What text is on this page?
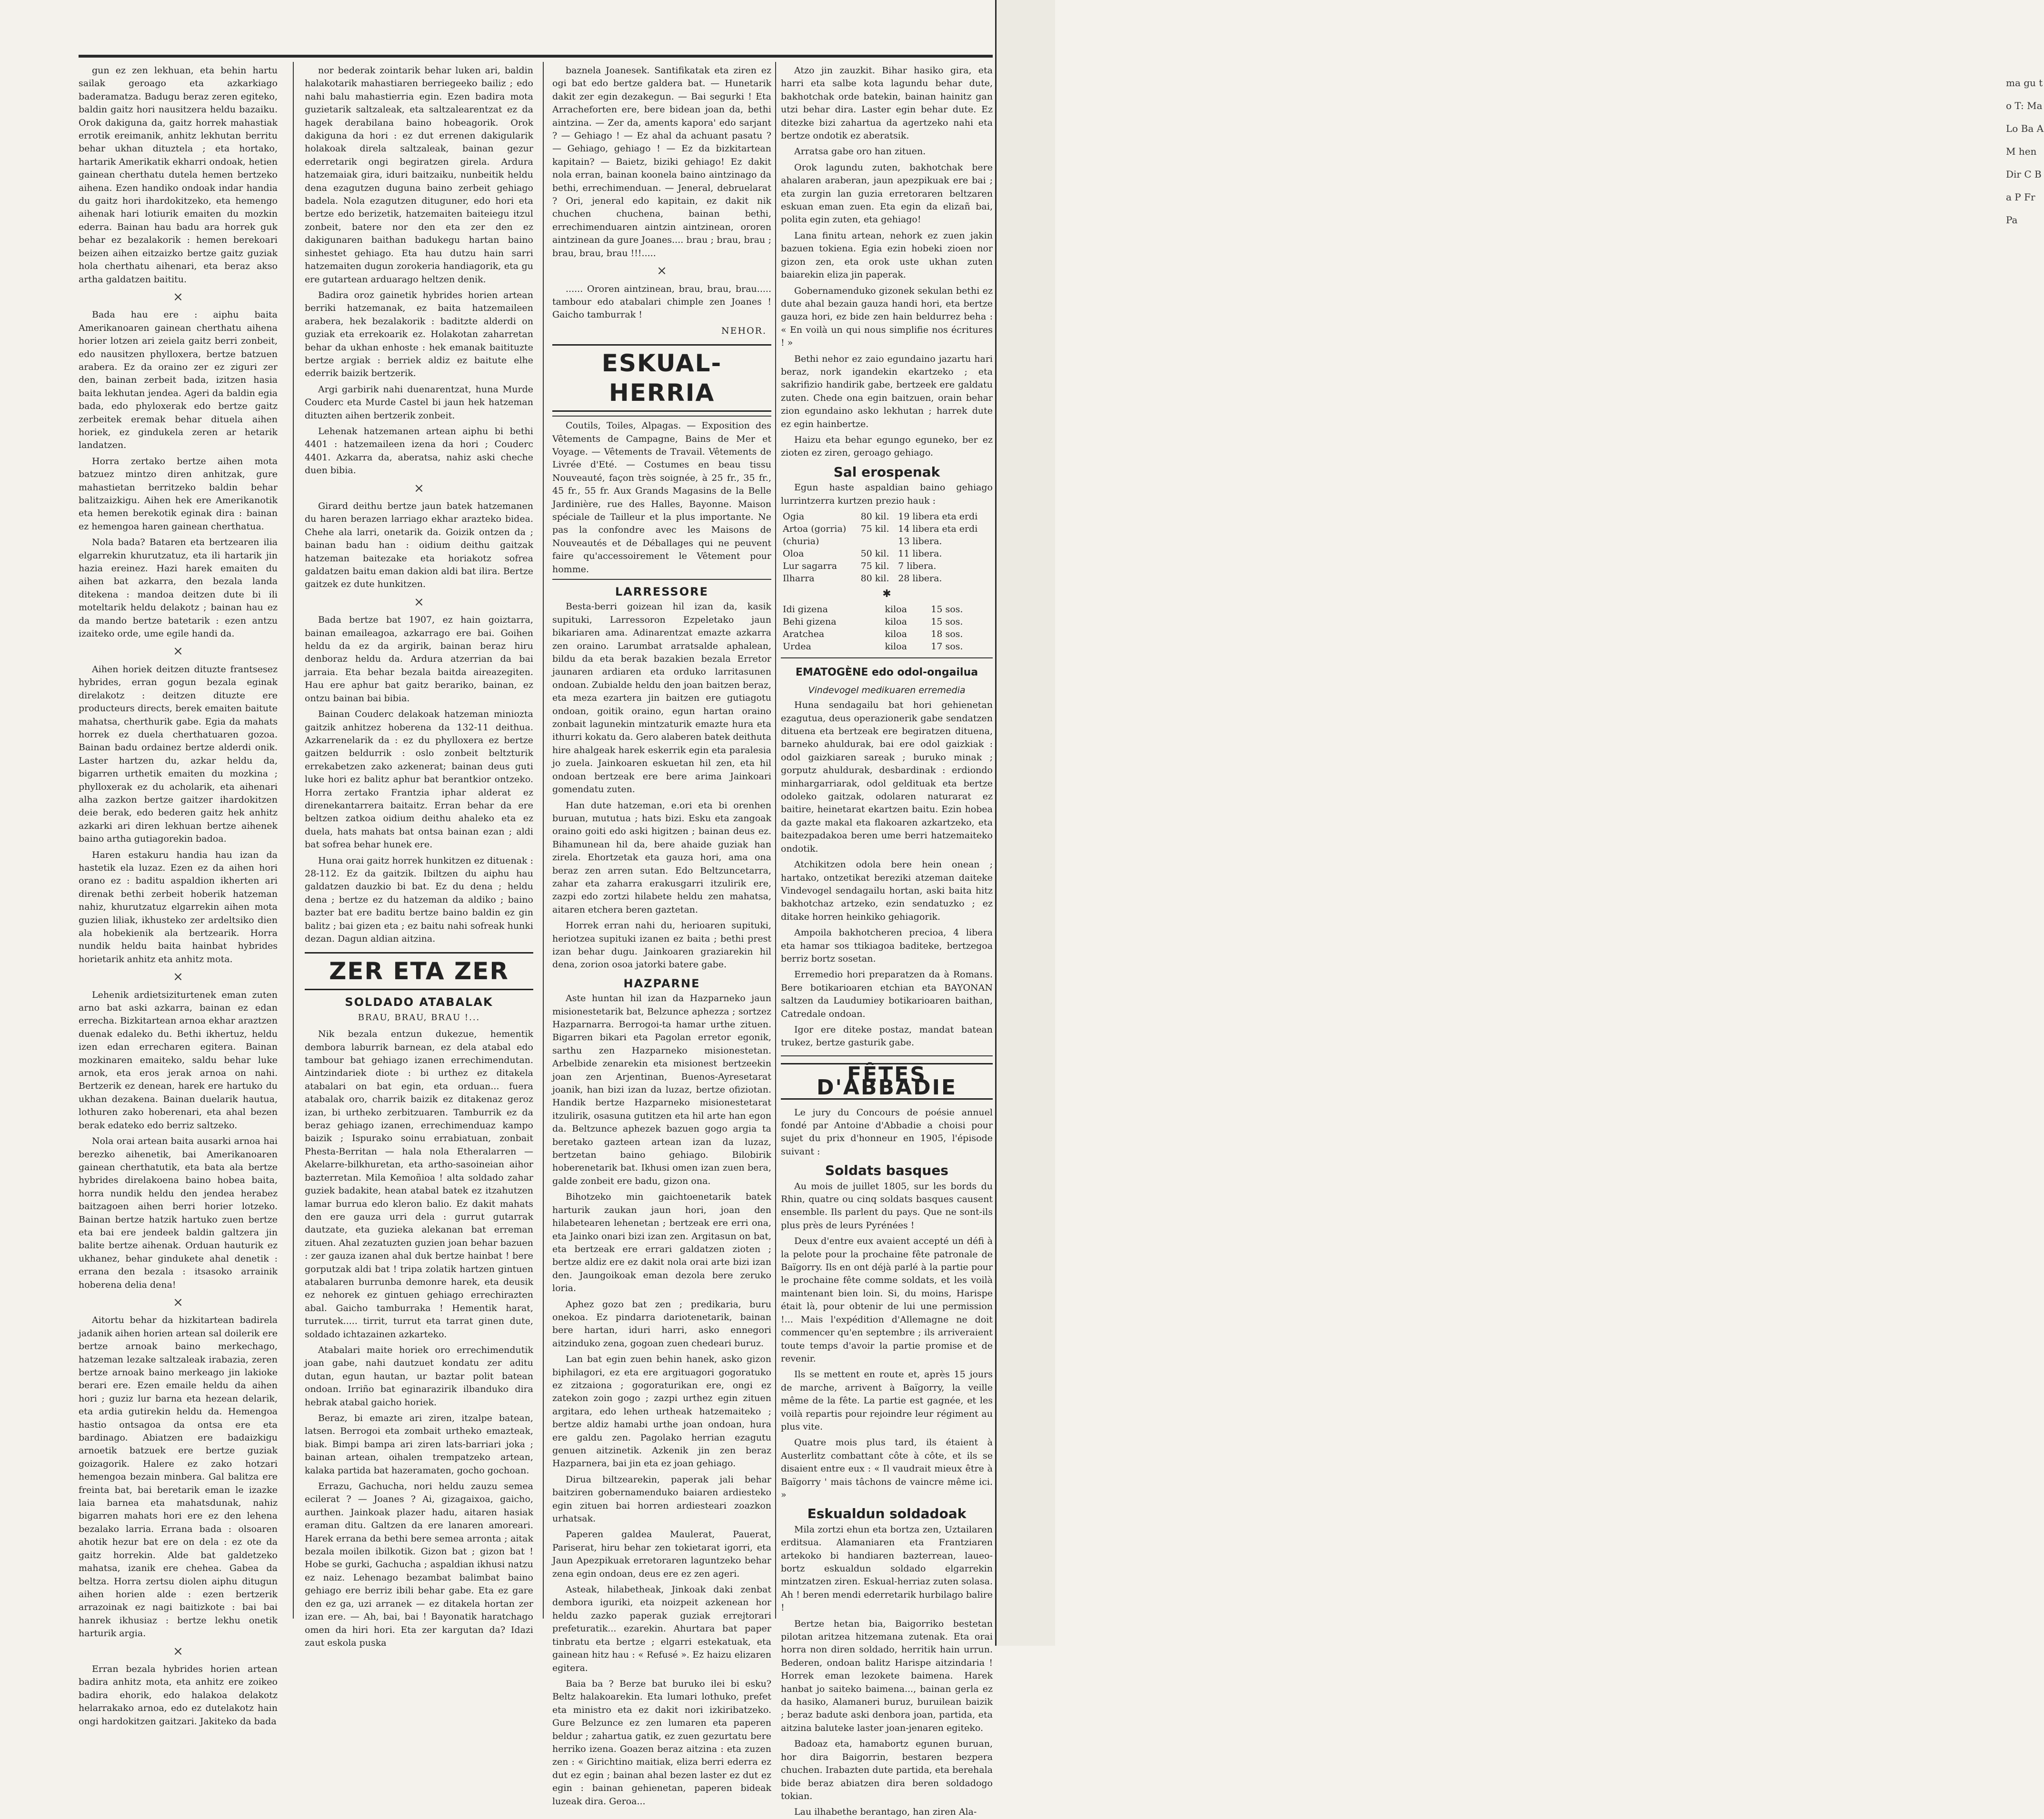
gun ez zen lekhuan, eta behin hartu sailak geroago eta azkarkiago baderamatza. Badugu beraz zeren egiteko, baldin gaitz hori nausitzera heldu bazaiku. Orok dakiguna da, gaitz horrek mahastiak errotik ereimanik, anhitz lekhutan berritu behar ukhan dituztela ; eta hortako, hartarik Amerikatik ekharri ondoak, hetien gainean cherthatu dutela hemen bertzeko aihena. Ezen handiko ondoak indar handia du gaitz hori ihardokitzeko, eta hemengo aihenak hari lotiurik emaiten du mozkin ederra. Bainan hau badu ara horrek guk behar ez bezalakorik : hemen berekoari beizen aihen eitzaizko bertze gaitz guziak hola cherthatu aihenari, eta beraz akso artha galdatzen baititu.

×

Bada hau ere : aiphu baita Amerikanoaren gainean cherthatu aihena horier lotzen ari zeiela gaitz berri zonbeit, edo nausitzen phylloxera, bertze batzuen arabera. Ez da oraino zer ez ziguri zer den, bainan zerbeit bada, izitzen hasia baita lekhutan jendea. Ageri da baldin egia bada, edo phyloxerak edo bertze gaitz zerbeitek eremak behar dituela aihen horiek, ez gindukela zeren ar hetarik landatzen.

Horra zertako bertze aihen mota batzuez mintzo diren anhitzak, gure mahastietan berritzeko baldin behar balitzaizkigu. Aihen hek ere Amerikanotik eta hemen berekotik eginak dira : bainan ez hemengoa haren gainean cherthatua.

Nola bada? Bataren eta bertzearen ilia elgarrekin khurutzatuz, eta ili hartarik jin hazia ereinez. Hazi harek emaiten du aihen bat azkarra, den bezala landa ditekena : mandoa deitzen dute bi ili moteltarik heldu delakotz ; bainan hau ez da mando bertze batetarik : ezen antzu izaiteko orde, ume egile handi da.

×

Aihen horiek deitzen dituzte frantsesez hybrides, erran gogun bezala eginak direlakotz : deitzen dituzte ere producteurs directs, berek emaiten baitute mahatsa, cherthurik gabe. Egia da mahats horrek ez duela cherthatuaren gozoa. Bainan badu ordainez bertze alderdi onik. Laster hartzen du, azkar heldu da, bigarren urthetik emaiten du mozkina ; phylloxerak ez du acholarik, eta aihenari alha zazkon bertze gaitzer ihardokitzen deie berak, edo bederen gaitz hek anhitz azkarki ari diren lekhuan bertze aihenek baino artha gutiagorekin badoa.

Haren estakuru handia hau izan da hastetik ela luzaz. Ezen ez da aihen hori orano ez : baditu aspaldion ikherten ari direnak bethi zerbeit hoberik hatzeman nahiz, khurutzatuz elgarrekin aihen mota guzien liliak, ikhusteko zer ardeltsiko dien ala hobekienik ala bertzearik. Horra nundik heldu baita hainbat hybrides horietarik anhitz eta anhitz mota.

×

Lehenik ardietsiziturtenek eman zuten arno bat aski azkarra, bainan ez edan errecha. Bizkitartean arnoa ekhar araztzen duenak edaleko du. Bethi ikhertuz, heldu izen edan errecharen egitera. Bainan mozkinaren emaiteko, saldu behar luke arnok, eta eros jerak arnoa on nahi. Bertzerik ez denean, harek ere hartuko du ukhan dezakena. Bainan duelarik hautua, lothuren zako hoberenari, eta ahal bezen berak edateko edo berriz saltzeko.

Nola orai artean baita ausarki arnoa hai berezko aihenetik, bai Amerikanoaren gainean cherthatutik, eta bata ala bertze hybrides direlakoena baino hobea baita, horra nundik heldu den jendea herabez baitzagoen aihen berri horier lotzeko. Bainan bertze hatzik hartuko zuen bertze eta bai ere jendeek baldin galtzera jin balite bertze aihenak. Orduan hauturik ez ukhanez, behar gindukete ahal denetik : errana den bezala : itsasoko arrainik hoberena delia dena!

×

Aitortu behar da hizkitartean badirela jadanik aihen horien artean sal doilerik ere bertze arnoak baino merkechago, hatzeman lezake saltzaleak irabazia, zeren bertze arnoak baino merkeago jin lakioke berari ere. Ezen emaile heldu da aihen hori ; guziz lur barna eta hezean delarik, eta ardia gutirekin heldu da. Hemengoa hastio ontsagoa da ontsa ere eta bardinago. Abiatzen ere badaizkigu arnoetik batzuek ere bertze guziak goizagorik. Halere ez zako hotzari hemengoa bezain minbera. Gal balitza ere freinta bat, bai beretarik eman le izazke laia barnea eta mahatsdunak, nahiz bigarren mahats hori ere ez den lehena bezalako larria. Errana bada : olsoaren ahotik hezur bat ere on dela : ez ote da gaitz horrekin. Alde bat galdetzeko mahatsa, izanik ere chehea. Gabea da beltza. Horra zertsu diolen aiphu ditugun aihen horien alde : ezen bertzerik arrazoinak ez nagi baitizkote : bai bai hanrek ikhusiaz : bertze lekhu onetik harturik argia.

×

Erran bezala hybrides horien artean badira anhitz mota, eta anhitz ere zoikeo badira ehorik, edo halakoa delakotz helarrakako arnoa, edo ez dutelakotz hain ongi hardokitzen gaitzari. Jakiteko da bada

nor bederak zointarik behar luken ari, baldin halakotarik mahastiaren berriegeeko bailiz ; edo nahi balu mahastierria egin. Ezen badira mota guzietarik saltzaleak, eta saltzalearentzat ez da hagek derabilana baino hobeagorik. Orok dakiguna da hori : ez dut errenen dakigularik holakoak direla saltzaleak, bainan gezur ederretarik ongi begiratzen girela. Ardura hatzemaiak gira, iduri baitzaiku, nunbeitik heldu dena ezagutzen duguna baino zerbeit gehiago badela. Nola ezagutzen dituguner, edo hori eta bertze edo berizetik, hatzemaiten baiteiegu itzul zonbeit, batere nor den eta zer den ez dakigunaren baithan badukegu hartan baino sinhestet gehiago. Eta hau dutzu hain sarri hatzemaiten dugun zorokeria handiagorik, eta gu ere gutartean arduarago heltzen denik.

Badira oroz gainetik hybrides horien artean berriki hatzemanak, ez baita hatzemaileen arabera, hek bezalakorik : baditzte alderdi on guziak eta errekoarik ez. Holakotan zaharretan behar da ukhan enhoste : hek emanak baitituzte bertze argiak : berriek aldiz ez baitute elhe ederrik baizik bertzerik.

Argi garbirik nahi duenarentzat, huna Murde Couderc eta Murde Castel bi jaun hek hatzeman dituzten aihen bertzerik zonbeit.

Lehenak hatzemanen artean aiphu bi bethi 4401 : hatzemaileen izena da hori ; Couderc 4401. Azkarra da, aberatsa, nahiz aski cheche duen bibia.

×

Girard deithu bertze jaun batek hatzemanen du haren berazen larriago ekhar arazteko bidea. Chehe ala larri, onetarik da. Goizik ontzen da ; bainan badu han : oidium deithu gaitzak hatzeman baitezake eta horiakotz sofrea galdatzen baitu eman dakion aldi bat ilira. Bertze gaitzek ez dute hunkitzen.

×

Bada bertze bat 1907, ez hain goiztarra, bainan emaileagoa, azkarrago ere bai. Goihen heldu da ez da argirik, bainan beraz hiru denboraz heldu da. Ardura atzerrian da bai jarraia. Eta behar bezala baitda aireazegiten. Hau ere aphur bat gaitz berariko, bainan, ez ontzu bainan bai bibia.

Bainan Couderc delakoak hatzeman miniozta gaitzik anhitzez hoberena da 132-11 deithua. Azkarrenelarik da : ez du phylloxera ez bertze gaitzen beldurrik : oslo zonbeit beltzturik errekabetzen zako azkenerat; bainan deus guti luke hori ez balitz aphur bat berantkior ontzeko. Horra zertako Frantzia iphar alderat ez direnekantarrera baitaitz. Erran behar da ere beltzen zatkoa oidium deithu ahaleko eta ez duela, hats mahats bat ontsa bainan ezan ; aldi bat sofrea behar hunek ere.

Huna orai gaitz horrek hunkitzen ez dituenak : 28-112. Ez da gaitzik. Ibiltzen du aiphu hau galdatzen dauzkio bi bat. Ez du dena ; heldu dena ; bertze ez du hatzeman da aldiko ; baino bazter bat ere baditu bertze baino baldin ez gin balitz ; bai gizen eta ; ez baitu nahi sofreak hunki dezan. Dagun aldian aitzina.

ZER ETA ZER
SOLDADO ATABALAK
BRAU, BRAU, BRAU !...

Nik bezala entzun dukezue, hementik dembora laburrik barnean, ez dela atabal edo tambour bat gehiago izanen errechimendutan. Aintzindariek diote : bi urthez ez ditakela atabalari on bat egin, eta orduan... fuera atabalak oro, charrik baizik ez ditakenaz geroz izan, bi urtheko zerbitzuaren. Tamburrik ez da beraz gehiago izanen, errechimenduaz kampo baizik ; Ispurako soinu errabiatuan, zonbait Phesta-Berritan — hala nola Etheralarren — Akelarre-bilkhuretan, eta artho-sasoineian aihor bazterretan. Mila Kemoñioa ! alta soldado zahar guziek badakite, hean atabal batek ez itzahutzen lamar burrua edo kleron balio. Ez dakit mahats den ere gauza urri dela : gurrut gutarrak dautzate, eta guzieka alekanan bat erreman zituen. Ahal zezatuzten guzien joan behar bazuen : zer gauza izanen ahal duk bertze hainbat ! bere gorputzak aldi bat ! tripa zolatik hartzen gintuen atabalaren burrunba demonre harek, eta deusik ez nehorek ez gintuen gehiago errechirazten abal. Gaicho tamburraka ! Hementik harat, turrutek..... tirrit, turrut eta tarrat ginen dute, soldado ichtazainen azkarteko.

Atabalari maite horiek oro errechimendutik joan gabe, nahi dautzuet kondatu zer aditu dutan, egun hautan, ur baztar polit batean ondoan. Irriño bat eginarazirik ilbanduko dira hebrak atabal gaicho horiek.

Beraz, bi emazte ari ziren, itzalpe batean, latsen. Berrogoi eta zombait urtheko emazteak, biak. Bimpi bampa ari ziren lats-barriari joka ; bainan artean, oihalen trempatzeko artean, kalaka partida bat hazeramaten, gocho gochoan.

Errazu, Gachucha, nori heldu zauzu semea ecilerat ? — Joanes ? Ai, gizagaixoa, gaicho, aurthen. Jainkoak plazer hadu, aitaren hasiak eraman ditu. Galtzen da ere lanaren amoreari. Harek errana da bethi bere semea arronta ; aitak bezala moilen ibilkotik. Gizon bat ; gizon bat ! Hobe se gurki, Gachucha ; aspaldian ikhusi natzu ez naiz. Lehenago bezambat balimbat baino gehiago ere berriz ibili behar gabe. Eta ez gare den ez ga, uzi arranek — ez ditakela hortan zer izan ere. — Ah, bai, bai ! Bayonatik haratchago omen da hiri hori. Eta zer kargutan da? Idazi zaut eskola puska

baznela Joanesek. Santifikatak eta ziren ez ogi bat edo bertze galdera bat. — Hunetarik dakit zer egin dezakegun. — Bai segurki ! Eta Arracheforten ere, bere bidean joan da, bethi aintzina. — Zer da, aments kapora' edo sarjant ? — Gehiago ! — Ez ahal da achuant pasatu ? — Gehiago, gehiago ! — Ez da bizkitartean kapitain? — Baietz, biziki gehiago! Ez dakit nola erran, bainan koonela baino aintzinago da bethi, errechimenduan. — Jeneral, debruelarat ? Ori, jeneral edo kapitain, ez dakit nik chuchen chuchena, bainan bethi, errechimenduaren aintzin aintzinean, ororen aintzinean da gure Joanes.... brau ; brau, brau ; brau, brau, brau !!!.....

×

...... Ororen aintzinean, brau, brau, brau..... tambour edo atabalari chimple zen Joanes ! Gaicho tamburrak !

NEHOR.
ESKUAL-HERRIA

Coutils, Toiles, Alpagas. — Exposition des Vêtements de Campagne, Bains de Mer et Voyage. — Vêtements de Travail. Vêtements de Livrée d'Eté. — Costumes en beau tissu Nouveauté, façon très soignée, à 25 fr., 35 fr., 45 fr., 55 fr. Aux Grands Magasins de la Belle Jardinière, rue des Halles, Bayonne. Maison spéciale de Tailleur et la plus importante. Ne pas la confondre avec les Maisons de Nouveautés et de Déballages qui ne peuvent faire qu'accessoirement le Vêtement pour homme.

LARRESSORE

Besta-berri goizean hil izan da, kasik supituki, Larressoron Ezpeletako jaun bikariaren ama. Adinarentzat emazte azkarra zen oraino. Larumbat arratsalde aphalean, bildu da eta berak bazakien bezala Erretor jaunaren ardiaren eta orduko larritasunen ondoan. Zubialde heldu den joan baitzen beraz, eta meza ezartera jin baitzen ere gutiagotu ondoan, goitik oraino, egun hartan oraino zonbait lagunekin mintzaturik emazte hura eta ithurri kokatu da. Gero alaberen batek deithuta hire ahalgeak harek eskerrik egin eta paralesia jo zuela. Jainkoaren eskuetan hil zen, eta hil ondoan bertzeak ere bere arima Jainkoari gomendatu zuten.

Han dute hatzeman, e.ori eta bi orenhen buruan, mututua ; hats bizi. Esku eta zangoak oraino goiti edo aski higitzen ; bainan deus ez. Bihamunean hil da, bere ahaide guziak han zirela. Ehortzetak eta gauza hori, ama ona beraz zen arren sutan. Edo Beltzuncetarra, zahar eta zaharra erakusgarri itzulirik ere, zazpi edo zortzi hilabete heldu zen mahatsa, aitaren etchera beren gaztetan.

Horrek erran nahi du, herioaren supituki, heriotzea supituki izanen ez baita ; bethi prest izan behar dugu. Jainkoaren graziarekin hil dena, zorion osoa jatorki batere gabe.

HAZPARNE

Aste huntan hil izan da Hazparneko jaun misionestetarik bat, Belzunce aphezza ; sortzez Hazparnarra. Berrogoi-ta hamar urthe zituen. Bigarren bikari eta Pagolan erretor egonik, sarthu zen Hazparneko misionestetan. Arbelbide zenarekin eta misionest bertzeekin joan zen Arjentinan, Buenos-Ayresetarat joanik, han bizi izan da luzaz, bertze ofiziotan. Handik bertze Hazparneko misionestetarat itzulirik, osasuna gutitzen eta hil arte han egon da. Beltzunce aphezek bazuen gogo argia ta beretako gazteen artean izan da luzaz, bertzetan baino gehiago. Bilobirik hoberenetarik bat. Ikhusi omen izan zuen bera, galde zonbeit ere badu, gizon ona.

Bihotzeko min gaichtoenetarik batek harturik zaukan jaun hori, joan den hilabetearen lehenetan ; bertzeak ere erri ona, eta Jainko onari bizi izan zen. Argitasun on bat, eta bertzeak ere errari galdatzen zioten ; bertze aldiz ere ez dakit nola orai arte bizi izan den. Jaungoikoak eman dezola bere zeruko loria.

Aphez gozo bat zen ; predikaria, buru onekoa. Ez pindarra dariotenetarik, bainan bere hartan, iduri harri, asko ennegori aitzinduko zena, gogoan zuen chedeari buruz.

Lan bat egin zuen behin hanek, asko gizon biphilagori, ez eta ere argituagori gogoratuko ez zitzaiona ; gogoraturikan ere, ongi ez zatekon zoin gogo ; zazpi urthez egin zituen argitara, edo lehen urtheak hatzemaiteko ; bertze aldiz hamabi urthe joan ondoan, hura ere galdu zen. Pagolako herrian ezagutu genuen aitzinetik. Azkenik jin zen beraz Hazparnera, bai jin eta ez joan gehiago.

Dirua biltzearekin, paperak jali behar baitziren gobernamenduko baiaren ardiesteko egin zituen bai horren ardiesteari zoazkon urhatsak.

Paperen galdea Maulerat, Pauerat, Pariserat, hiru behar zen tokietarat igorri, eta Jaun Apezpikuak erretoraren laguntzeko behar zena egin ondoan, deus ere ez zen ageri.

Asteak, hilabetheak, Jinkoak daki zenbat dembora iguriki, eta noizpeit azkenean hor heldu zazko paperak guziak errejtorari prefeturatik... ezarekin. Ahurtara bat paper tinbratu eta bertze ; elgarri estekatuak, eta gainean hitz hau : « Refusé ». Ez haizu elizaren egitera.

Baia ba ? Berze bat buruko ilei bi esku? Beltz halakoarekin. Eta lumari lothuko, prefet eta ministro eta ez dakit nori izkiribatzeko. Gure Belzunce ez zen lumaren eta paperen beldur ; zahartua gatik, ez zuen gezurtatu bere herriko izena. Goazen beraz aitzina : eta zuzen zen : « Girichtino maitiak, eliza berri ederra ez dut ez egin ; bainan ahal bezen laster ez dut ez egin : bainan gehienetan, paperen bideak luzeak dira. Geroa...

Atzo jin zauzkit. Bihar hasiko gira, eta harri eta salbe kota lagundu behar dute, bakhotchak orde batekin, bainan hainitz gan utzi behar dira. Laster egin behar dute. Ez ditezke bizi zahartua da agertzeko nahi eta bertze ondotik ez aberatsik.

Arratsa gabe oro han zituen.

Orok lagundu zuten, bakhotchak bere ahalaren araberan, jaun apezpikuak ere bai ; eta zurgin lan guzia erretoraren beltzaren eskuan eman zuen. Eta egin da elizañ bai, polita egin zuten, eta gehiago!

Lana finitu artean, nehork ez zuen jakin bazuen tokiena. Egia ezin hobeki zioen nor gizon zen, eta orok uste ukhan zuten baiarekin eliza jin paperak.

Gobernamenduko gizonek sekulan bethi ez dute ahal bezain gauza handi hori, eta bertze gauza hori, ez bide zen hain beldurrez beha : « En voilà un qui nous simplifie nos écritures ! »

Bethi nehor ez zaio egundaino jazartu hari beraz, nork igandekin ekartzeko ; eta sakrifizio handirik gabe, bertzeek ere galdatu zuten. Chede ona egin baitzuen, orain behar zion egundaino asko lekhutan ; harrek dute ez egin hainbertze.

Haizu eta behar egungo eguneko, ber ez zioten ez ziren, geroago gehiago.

Sal erospenak

Egun haste aspaldian baino gehiago lurrintzerra kurtzen prezio hauk :

Ogia	80 kil.	19 libera eta erdi
Artoa (gorria)	75 kil.	14 libera eta erdi
(churia)		13 libera.
Oloa	50 kil.	11 libera.
Lur sagarra	75 kil.	7 libera.
Ilharra	80 kil.	28 libera.
✱
Idi gizena	kiloa	15 sos.
Behi gizena	kiloa	15 sos.
Aratchea	kiloa	18 sos.
Urdea	kiloa	17 sos.
EMATOGÈNE edo odol-ongailua
Vindevogel medikuaren erremedia

Huna sendagailu bat hori gehienetan ezagutua, deus operazionerik gabe sendatzen dituena eta bertzeak ere begiratzen dituena, barneko ahuldurak, bai ere odol gaizkiak : odol gaizkiaren sareak ; buruko minak ; gorputz ahuldurak, desbardinak : erdiondo minhargarriarak, odol geldituak eta bertze odoleko gaitzak, odolaren naturarat ez baitire, heinetarat ekartzen baitu. Ezin hobea da gazte makal eta flakoaren azkartzeko, eta baitezpadakoa beren ume berri hatzemaiteko ondotik.

Atchikitzen odola bere hein onean ; hartako, ontzetikat bereziki atzeman daiteke Vindevogel sendagailu hortan, aski baita hitz bakhotchaz artzeko, ezin sendatuzko ; ez ditake horren heinkiko gehiagorik.

Ampoila bakhotcheren precioa, 4 libera eta hamar sos ttikiagoa baditeke, bertzegoa berriz bortz sosetan.

Erremedio hori preparatzen da à Romans. Bere botikarioaren etchian eta BAYONAN saltzen da Laudumiey botikarioaren baithan, Catredale ondoan.

Igor ere diteke postaz, mandat batean trukez, bertze gasturik gabe.

FÊTES D'ABBADIE

Le jury du Concours de poésie annuel fondé par Antoine d'Abbadie a choisi pour sujet du prix d'honneur en 1905, l'épisode suivant :

Soldats basques

Au mois de juillet 1805, sur les bords du Rhin, quatre ou cinq soldats basques causent ensemble. Ils parlent du pays. Que ne sont-ils plus près de leurs Pyrénées !

Deux d'entre eux avaient accepté un défi à la pelote pour la prochaine fête patronale de Baïgorry. Ils en ont déjà parlé à la partie pour le prochaine fête comme soldats, et les voilà maintenant bien loin. Si, du moins, Harispe était là, pour obtenir de lui une permission !... Mais l'expédition d'Allemagne ne doit commencer qu'en septembre ; ils arriveraient toute temps d'avoir la partie promise et de revenir.

Ils se mettent en route et, après 15 jours de marche, arrivent à Baïgorry, la veille même de la fête. La partie est gagnée, et les voilà repartis pour rejoindre leur régiment au plus vite.

Quatre mois plus tard, ils étaient à Austerlitz combattant côte à côte, et ils se disaient entre eux : « Il vaudrait mieux être à Baïgorry ' mais tâchons de vaincre même ici. »

Eskualdun soldadoak

Mila zortzi ehun eta bortza zen, Uztailaren erditsua. Alamaniaren eta Frantziaren artekoko bi handiaren bazterrean, laueo-bortz eskualdun soldado elgarrekin mintzatzen ziren. Eskual-herriaz zuten solasa. Ah ! beren mendi ederretarik hurbilago balire !

Bertze hetan bia, Baigorriko bestetan pilotan aritzea hitzemana zutenak. Eta orai horra non diren soldado, herritik hain urrun. Bederen, ondoan balitz Harispe aitzindaria ! Horrek eman lezokete baimena. Harek hanbat jo saiteko baimena..., bainan gerla ez da hasiko, Alamaneri buruz, buruilean baizik ; beraz badute aski denbora joan, partida, eta aitzina baluteke laster joan-jenaren egiteko.

Badoaz eta, hamabortz egunen buruan, hor dira Baigorrin, bestaren bezpera chuchen. Irabazten dute partida, eta berehala bide beraz abiatzen dira beren soldadogo tokian.

Lau ilhabethe berantago, han ziren Ala-

ma gu to T: Ma Lo Ba A M hen Dir C Ba P Fr Pa
